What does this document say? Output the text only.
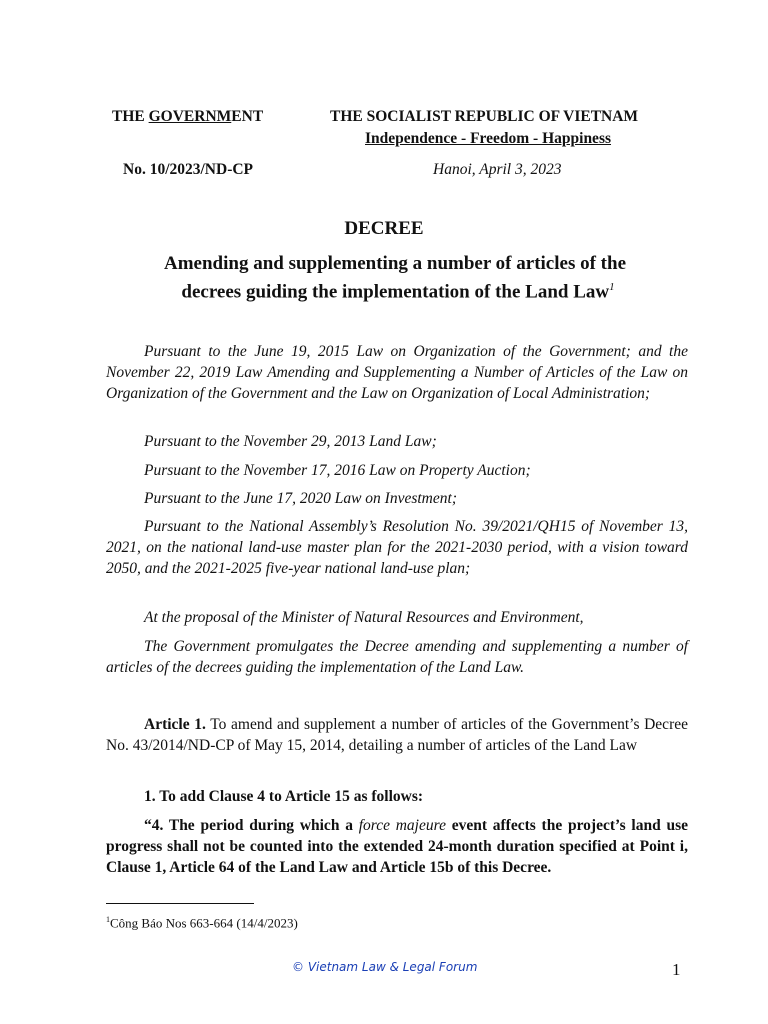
THE GOVERNMENT	THE SOCIALIST REPUBLIC OF VIETNAM
Independence - Freedom - Happiness
No. 10/2023/ND-CP	Hanoi, April 3, 2023
DECREE
Amending and supplementing a number of articles of the
decrees guiding the implementation of the Land Law$^1$
Pursuant to the June 19, 2015 Law on Organization of the Government; and the November 22, 2019 Law Amending and Supplementing a Number of Articles of the Law on Organization of the Government and the Law on Organization of Local Administration;
Pursuant to the November 29, 2013 Land Law;
Pursuant to the November 17, 2016 Law on Property Auction;
Pursuant to the June 17, 2020 Law on Investment;
Pursuant to the National Assembly’s Resolution No. 39/2021/QH15 of November 13, 2021, on the national land-use master plan for the 2021-2030 period, with a vision toward 2050, and the 2021-2025 five-year national land-use plan;
At the proposal of the Minister of Natural Resources and Environment,
The Government promulgates the Decree amending and supplementing a number of articles of the decrees guiding the implementation of the Land Law.
Article 1. To amend and supplement a number of articles of the Government’s Decree No. 43/2014/ND-CP of May 15, 2014, detailing a number of articles of the Land Law
1. To add Clause 4 to Article 15 as follows:
“4. The period during which a force majeure event affects the project’s land use progress shall not be counted into the extended 24-month duration specified at Point i, Clause 1, Article 64 of the Land Law and Article 15b of this Decree.
$^1$Công Báo Nos 663-664 (14/4/2023)
© Vietnam Law & Legal Forum	1
